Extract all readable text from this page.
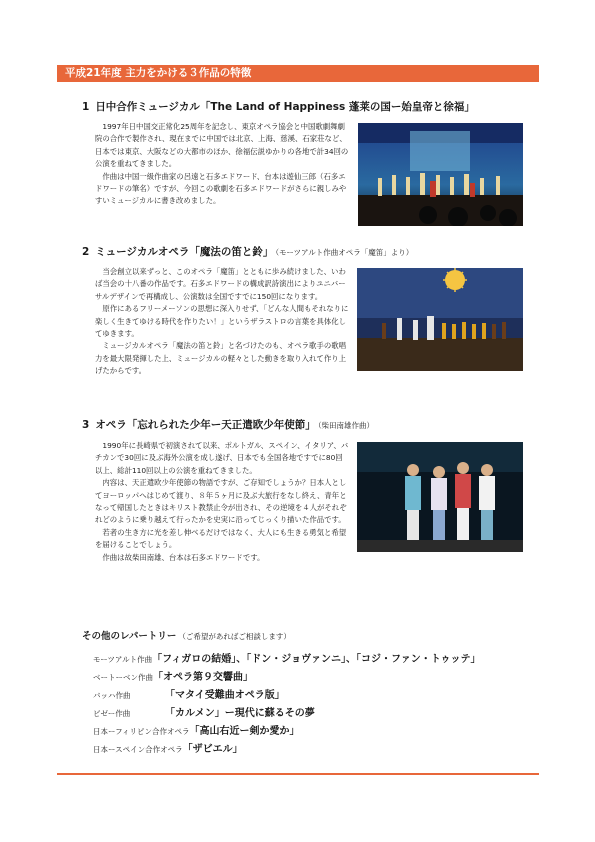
平成21年度 主力をかける３作品の特徴
1 日中合作ミュージカル「The Land of Happiness 蓬莱の国ー始皇帝と徐福」

1997年日中国交正常化25周年を記念し、東京オペラ協会と中国歌劇舞劇院の合作で製作され、現在までに中国では北京、上海、慈溪、石家荘など、日本では東京、大阪などの大都市のほか、徐福伝説ゆかりの各地で計34回の公演を重ねてきました。

作曲は中国一級作曲家の呂遠と石多エドワード、台本は遊仙三郎（石多エドワードの筆名）ですが、今回この歌劇を石多エドワードがさらに親しみやすいミュージカルに書き改めました。

2 ミュージカルオペラ「魔法の笛と鈴」 （モーツアルト作曲オペラ「魔笛」より）

当会創立以来ずっと、このオペラ「魔笛」とともに歩み続けました、いわば当会の十八番の作品です。石多エドワードの構成訳詩演出によりユニバーサルデザインで再構成し、公演数は全国ですでに150回になります。

原作にあるフリーメーソンの思想に深入りせず、「どんな人間もそれなりに楽しく生きてゆける時代を作りたい！」というザラストロの言葉を具体化してゆきます。

ミュージカルオペラ「魔法の笛と鈴」と名づけたのも、オペラ歌手の歌唱力を最大限発揮した上、ミュージカルの軽々とした動きを取り入れて作り上げたからです。

3 オペラ「忘れられた少年ー天正遣欧少年使節」 （柴田南雄作曲）

1990年に長崎県で初演されて以来、ポルトガル、スペイン、イタリア、バチカンで30回に及ぶ海外公演を成し遂げ、日本でも全国各地ですでに80回以上、総計110回以上の公演を重ねてきました。

内容は、天正遣欧少年使節の物語ですが、ご存知でしょうか？日本人としてヨーロッパへはじめて渡り、８年５ヶ月に及ぶ大旅行をなし終え、青年となって帰国したときはキリスト教禁止令が出され、その逆境を４人がそれぞれどのように乗り越えて行ったかを史実に沿ってじっくり描いた作品です。

若者の生き方に光を差し伸べるだけではなく、大人にも生きる勇気と希望を届けることでしょう。

作曲は故柴田南雄、台本は石多エドワードです。

その他のレパートリー （ご希望があればご相談します）
モーツアルト作曲「フィガロの結婚」、「ドン・ジョヴァンニ」、「コジ・ファン・トゥッテ」
ベートーベン作曲「オペラ第９交響曲」
バッハ作曲	「マタイ受難曲オペラ版」
ビゼー作曲	「カルメン」ー現代に蘇るその夢
日本ーフィリピン合作オペラ「高山右近ー剣か愛か」
日本ースペイン合作オペラ「ザビエル」
